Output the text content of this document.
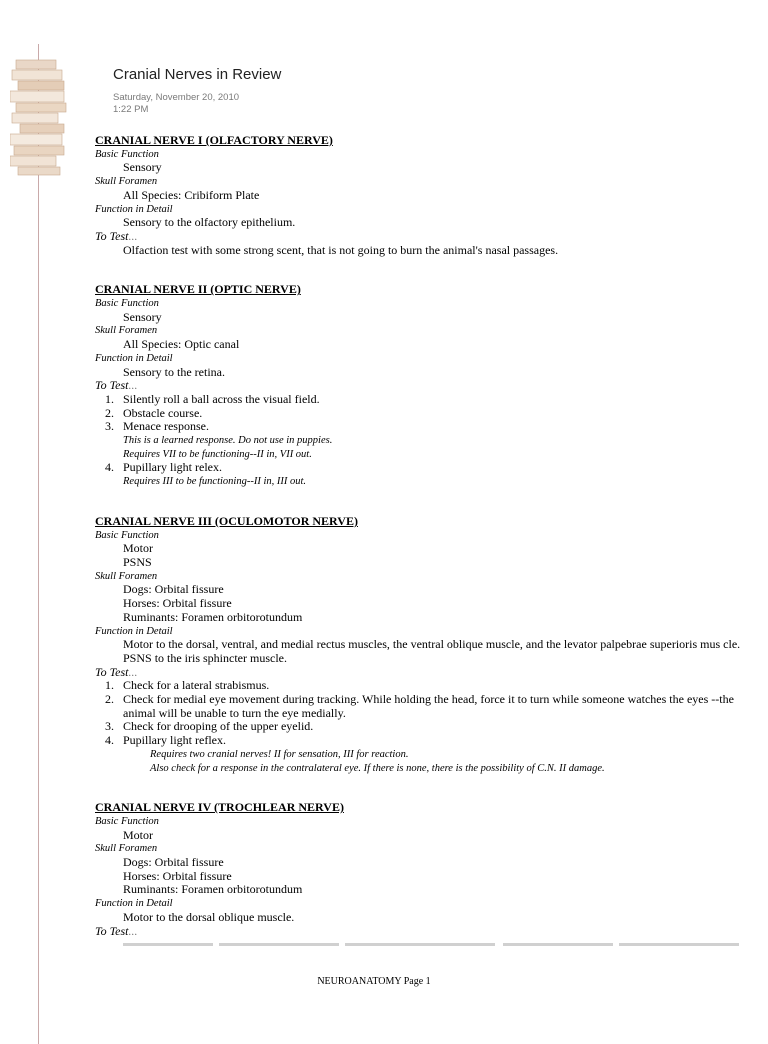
Cranial Nerves in Review
Saturday, November 20, 2010
1:22 PM
CRANIAL NERVE I (OLFACTORY NERVE)
Basic Function
Sensory
Skull Foramen
All Species: Cribiform Plate
Function in Detail
Sensory to the olfactory epithelium.
To Test...
Olfaction test with some strong scent, that is not going to burn the animal's nasal passages.
CRANIAL NERVE II (OPTIC NERVE)
Basic Function
Sensory
Skull Foramen
All Species: Optic canal
Function in Detail
Sensory to the retina.
To Test...
1. Silently roll a ball across the visual field.
2. Obstacle course.
3. Menace response.
This is a learned response. Do not use in puppies.
Requires VII to be functioning--II in, VII out.
4. Pupillary light relex.
Requires III to be functioning--II in, III out.
CRANIAL NERVE III (OCULOMOTOR NERVE)
Basic Function
Motor
PSNS
Skull Foramen
Dogs: Orbital fissure
Horses: Orbital fissure
Ruminants: Foramen orbitorotundum
Function in Detail
Motor to the dorsal, ventral, and medial rectus muscles, the ventral oblique muscle, and the levator palpebrae superioris mus cle.
PSNS to the iris sphincter muscle.
To Test...
1. Check for a lateral strabismus.
2. Check for medial eye movement during tracking. While holding the head, force it to turn while someone watches the eyes --the
animal will be unable to turn the eye medially.
3. Check for drooping of the upper eyelid.
4. Pupillary light reflex.
Requires two cranial nerves! II for sensation, III for reaction.
Also check for a response in the contralateral eye. If there is none, there is the possibility of C.N. II damage.
CRANIAL NERVE IV (TROCHLEAR NERVE)
Basic Function
Motor
Skull Foramen
Dogs: Orbital fissure
Horses: Orbital fissure
Ruminants: Foramen orbitorotundum
Function in Detail
Motor to the dorsal oblique muscle.
To Test...
NEUROANATOMY Page 1
